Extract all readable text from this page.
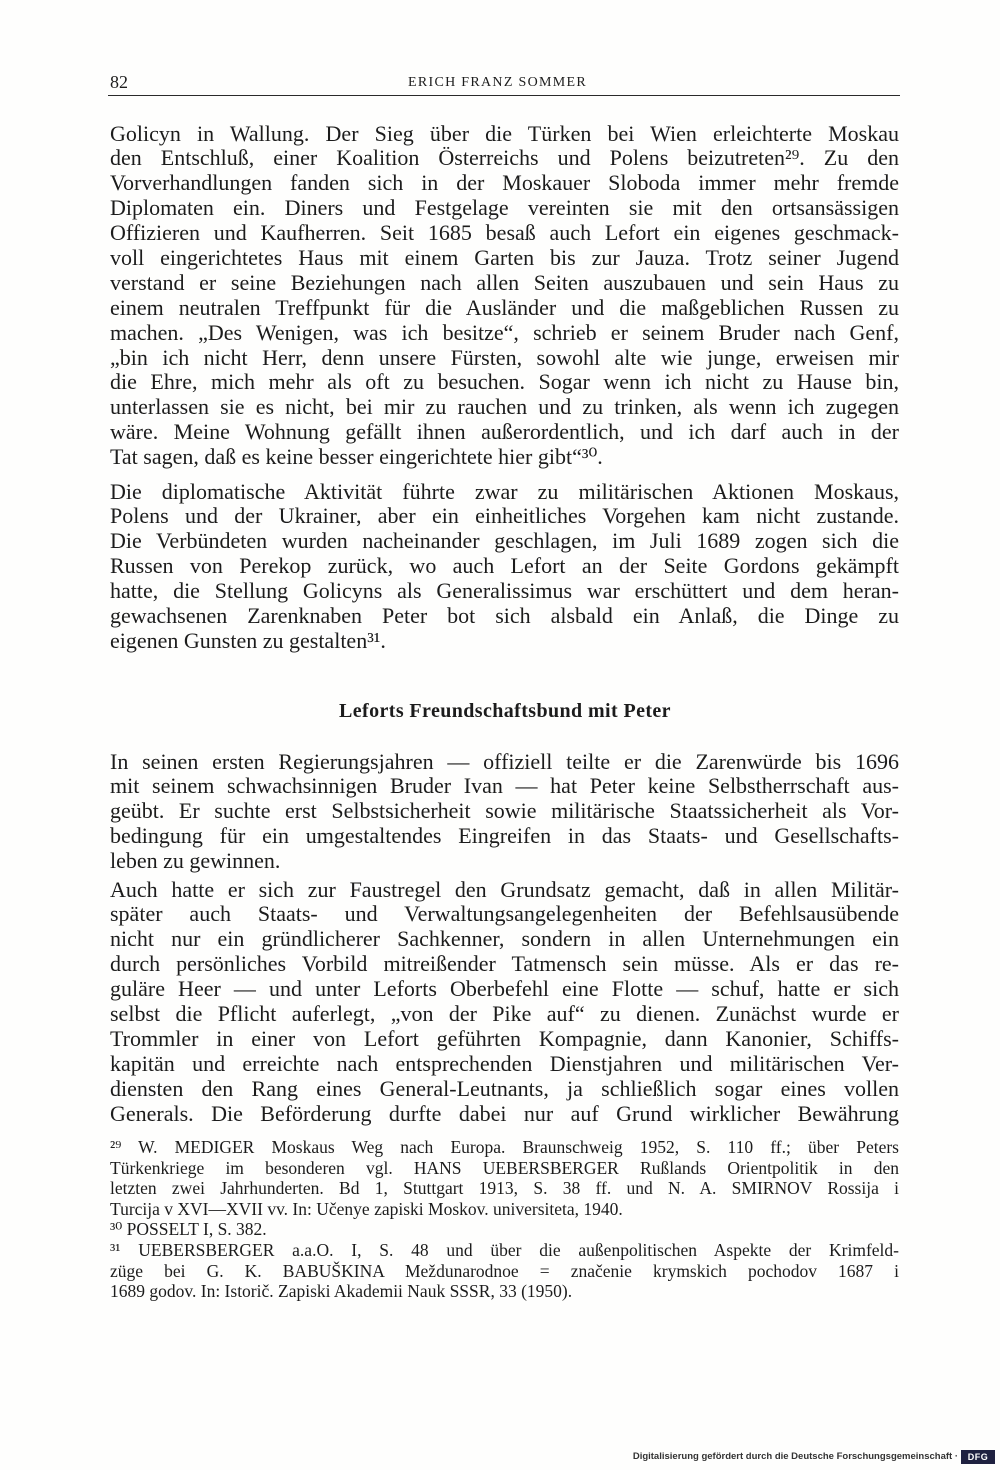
82	ERICH FRANZ SOMMER
Golicyn in Wallung. Der Sieg über die Türken bei Wien erleichterte Moskau
den Entschluß, einer Koalition Österreichs und Polens beizutreten²⁹. Zu den
Vorverhandlungen fanden sich in der Moskauer Sloboda immer mehr fremde
Diplomaten ein. Diners und Festgelage vereinten sie mit den ortsansässigen
Offizieren und Kaufherren. Seit 1685 besaß auch Lefort ein eigenes geschmack-
voll eingerichtetes Haus mit einem Garten bis zur Jauza. Trotz seiner Jugend
verstand er seine Beziehungen nach allen Seiten auszubauen und sein Haus zu
einem neutralen Treffpunkt für die Ausländer und die maßgeblichen Russen zu
machen. „Des Wenigen, was ich besitze“, schrieb er seinem Bruder nach Genf,
„bin ich nicht Herr, denn unsere Fürsten, sowohl alte wie junge, erweisen mir
die Ehre, mich mehr als oft zu besuchen. Sogar wenn ich nicht zu Hause bin,
unterlassen sie es nicht, bei mir zu rauchen und zu trinken, als wenn ich zugegen
wäre. Meine Wohnung gefällt ihnen außerordentlich, und ich darf auch in der
Tat sagen, daß es keine besser eingerichtete hier gibt“³⁰.
Die diplomatische Aktivität führte zwar zu militärischen Aktionen Moskaus,
Polens und der Ukrainer, aber ein einheitliches Vorgehen kam nicht zustande.
Die Verbündeten wurden nacheinander geschlagen, im Juli 1689 zogen sich die
Russen von Perekop zurück, wo auch Lefort an der Seite Gordons gekämpft
hatte, die Stellung Golicyns als Generalissimus war erschüttert und dem heran-
gewachsenen Zarenknaben Peter bot sich alsbald ein Anlaß, die Dinge zu
eigenen Gunsten zu gestalten³¹.
Leforts Freundschaftsbund mit Peter
In seinen ersten Regierungsjahren — offiziell teilte er die Zarenwürde bis 1696
mit seinem schwachsinnigen Bruder Ivan — hat Peter keine Selbstherrschaft aus-
geübt. Er suchte erst Selbstsicherheit sowie militärische Staatssicherheit als Vor-
bedingung für ein umgestaltendes Eingreifen in das Staats- und Gesellschafts-
leben zu gewinnen.
Auch hatte er sich zur Faustregel den Grundsatz gemacht, daß in allen Militär-
später auch Staats- und Verwaltungsangelegenheiten der Befehlsausübende
nicht nur ein gründlicherer Sachkenner, sondern in allen Unternehmungen ein
durch persönliches Vorbild mitreißender Tatmensch sein müsse. Als er das re-
guläre Heer — und unter Leforts Oberbefehl eine Flotte — schuf, hatte er sich
selbst die Pflicht auferlegt, „von der Pike auf“ zu dienen. Zunächst wurde er
Trommler in einer von Lefort geführten Kompagnie, dann Kanonier, Schiffs-
kapitän und erreichte nach entsprechenden Dienstjahren und militärischen Ver-
diensten den Rang eines General-Leutnants, ja schließlich sogar eines vollen
Generals. Die Beförderung durfte dabei nur auf Grund wirklicher Bewährung
²⁹ W. MEDIGER Moskaus Weg nach Europa. Braunschweig 1952, S. 110 ff.; über Peters
Türkenkriege im besonderen vgl. HANS UEBERSBERGER Rußlands Orientpolitik in den
letzten zwei Jahrhunderten. Bd 1, Stuttgart 1913, S. 38 ff. und N. A. SMIRNOV Rossija i
Turcija v XVI—XVII vv. In: Učenye zapiski Moskov. universiteta, 1940.
³⁰ POSSELT I, S. 382.
³¹ UEBERSBERGER a.a.O. I, S. 48 und über die außenpolitischen Aspekte der Krimfeld-
züge bei G. K. BABUŠKINA Meždunarodnoe = značenie krymskich pochodov 1687 i
1689 godov. In: Istorič. Zapiski Akademii Nauk SSSR, 33 (1950).
Digitalisierung gefördert durch die Deutsche Forschungsgemeinschaft ·	DFG
